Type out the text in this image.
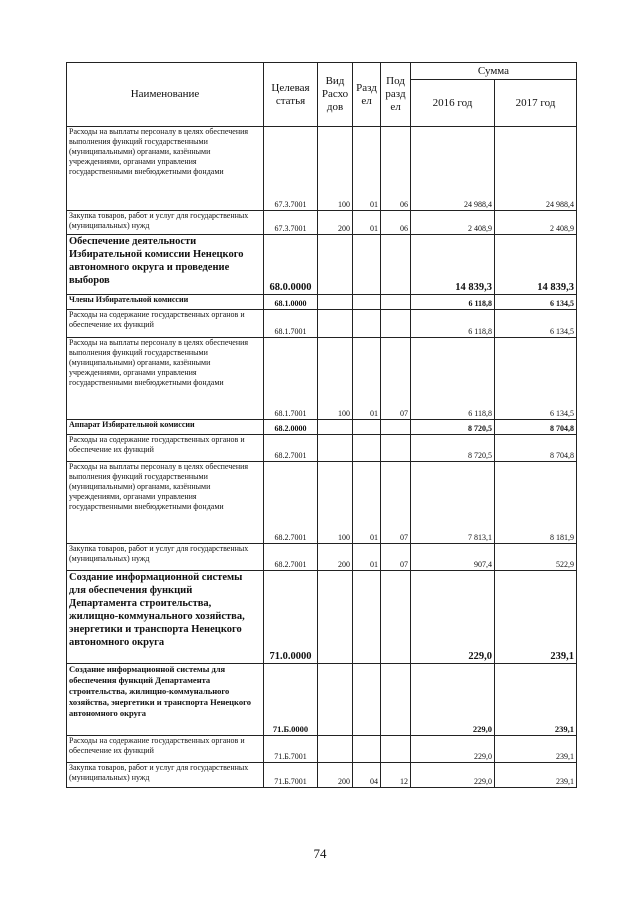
Наименование	Целевая статья	Вид Расхо дов	Разд ел	Под разд ел	Сумма	
					2016 год	2017 год
Расходы на выплаты персоналу в целях обеспечения выполнения функций государственными (муниципальными) органами, казёнными учреждениями, органами управления государственными внебюджетными фондами	67.3.7001	100	01	06	24 988,4	24 988,4
Закупка товаров, работ и услуг для государственных (муниципальных) нужд	67.3.7001	200	01	06	2 408,9	2 408,9
Обеспечение деятельности Избирательной комиссии Ненецкого автономного округа и проведение выборов	68.0.0000				14 839,3	14 839,3
Члены Избирательной комиссии	68.1.0000				6 118,8	6 134,5
Расходы на содержание государственных органов и обеспечение их функций	68.1.7001				6 118,8	6 134,5
Расходы на выплаты персоналу в целях обеспечения выполнения функций государственными (муниципальными) органами, казёнными учреждениями, органами управления государственными внебюджетными фондами	68.1.7001	100	01	07	6 118,8	6 134,5
Аппарат Избирательной комиссии	68.2.0000				8 720,5	8 704,8
Расходы на содержание государственных органов и обеспечение их функций	68.2.7001				8 720,5	8 704,8
Расходы на выплаты персоналу в целях обеспечения выполнения функций государственными (муниципальными) органами, казёнными учреждениями, органами управления государственными внебюджетными фондами	68.2.7001	100	01	07	7 813,1	8 181,9
Закупка товаров, работ и услуг для государственных (муниципальных) нужд	68.2.7001	200	01	07	907,4	522,9
Создание информационной системы для обеспечения функций Департамента строительства, жилищно-коммунального хозяйства, энергетики и транспорта Ненецкого автономного округа	71.0.0000				229,0	239,1
Создание информационной системы для обеспечения функций Департамента строительства, жилищно-коммунального хозяйства, энергетики и транспорта Ненецкого автономного округа	71.Б.0000				229,0	239,1
Расходы на содержание государственных органов и обеспечение их функций	71.Б.7001				229,0	239,1
Закупка товаров, работ и услуг для государственных (муниципальных) нужд	71.Б.7001	200	04	12	229,0	239,1
74
